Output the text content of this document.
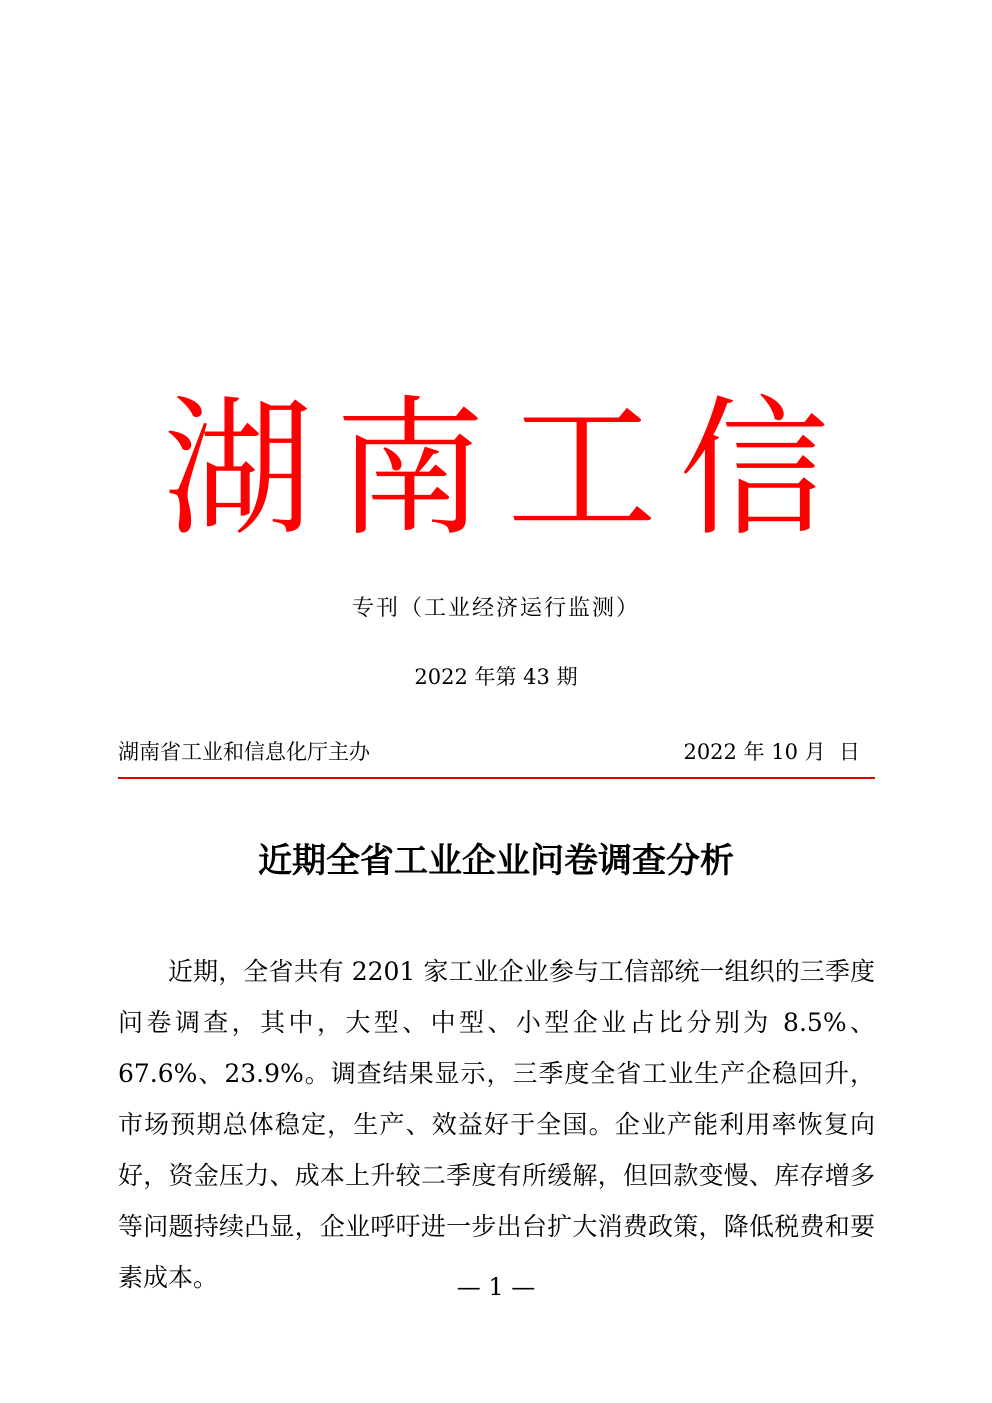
湖南工信
专刊（工业经济运行监测）
2022 年第 43 期
湖南省工业和信息化厅主办	2022 年 10 月  日
近期全省工业企业问卷调查分析

近期，全省共有 2201 家工业企业参与工信部统一组织的三季度问卷调查，其中，大型、中型、小型企业占比分别为 8.5%、67.6%、23.9%。调查结果显示，三季度全省工业生产企稳回升，市场预期总体稳定，生产、效益好于全国。企业产能利用率恢复向好，资金压力、成本上升较二季度有所缓解，但回款变慢、库存增多等问题持续凸显，企业呼吁进一步出台扩大消费政策，降低税费和要素成本。	— 1 —
